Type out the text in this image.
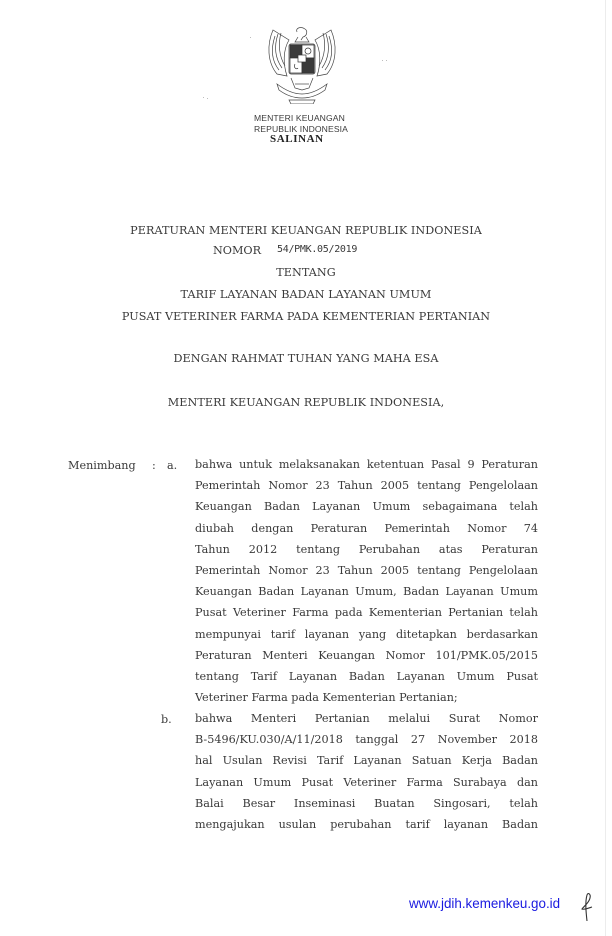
MENTERI KEUANGAN
REPUBLIK INDONESIA
SALINAN
PERATURAN MENTERI KEUANGAN REPUBLIK INDONESIA
NOMOR 54/PMK.05/2019
TENTANG
TARIF LAYANAN BADAN LAYANAN UMUM
PUSAT VETERINER FARMA PADA KEMENTERIAN PERTANIAN
DENGAN RAHMAT TUHAN YANG MAHA ESA
MENTERI KEUANGAN REPUBLIK INDONESIA,
Menimbang : a. bahwa untuk melaksanakan ketentuan Pasal 9 Peraturan
Pemerintah Nomor 23 Tahun 2005 tentang Pengelolaan
Keuangan Badan Layanan Umum sebagaimana telah
diubah dengan Peraturan Pemerintah Nomor 74
Tahun 2012 tentang Perubahan atas Peraturan
Pemerintah Nomor 23 Tahun 2005 tentang Pengelolaan
Keuangan Badan Layanan Umum, Badan Layanan Umum
Pusat Veteriner Farma pada Kementerian Pertanian telah
mempunyai tarif layanan yang ditetapkan berdasarkan
Peraturan Menteri Keuangan Nomor 101/PMK.05/2015
tentang Tarif Layanan Badan Layanan Umum Pusat
Veteriner Farma pada Kementerian Pertanian;
b. bahwa Menteri Pertanian melalui Surat Nomor
B-5496/KU.030/A/11/2018 tanggal 27 November 2018
hal Usulan Revisi Tarif Layanan Satuan Kerja Badan
Layanan Umum Pusat Veteriner Farma Surabaya dan
Balai Besar Inseminasi Buatan Singosari, telah
mengajukan usulan perubahan tarif layanan Badan
www.jdih.kemenkeu.go.id
